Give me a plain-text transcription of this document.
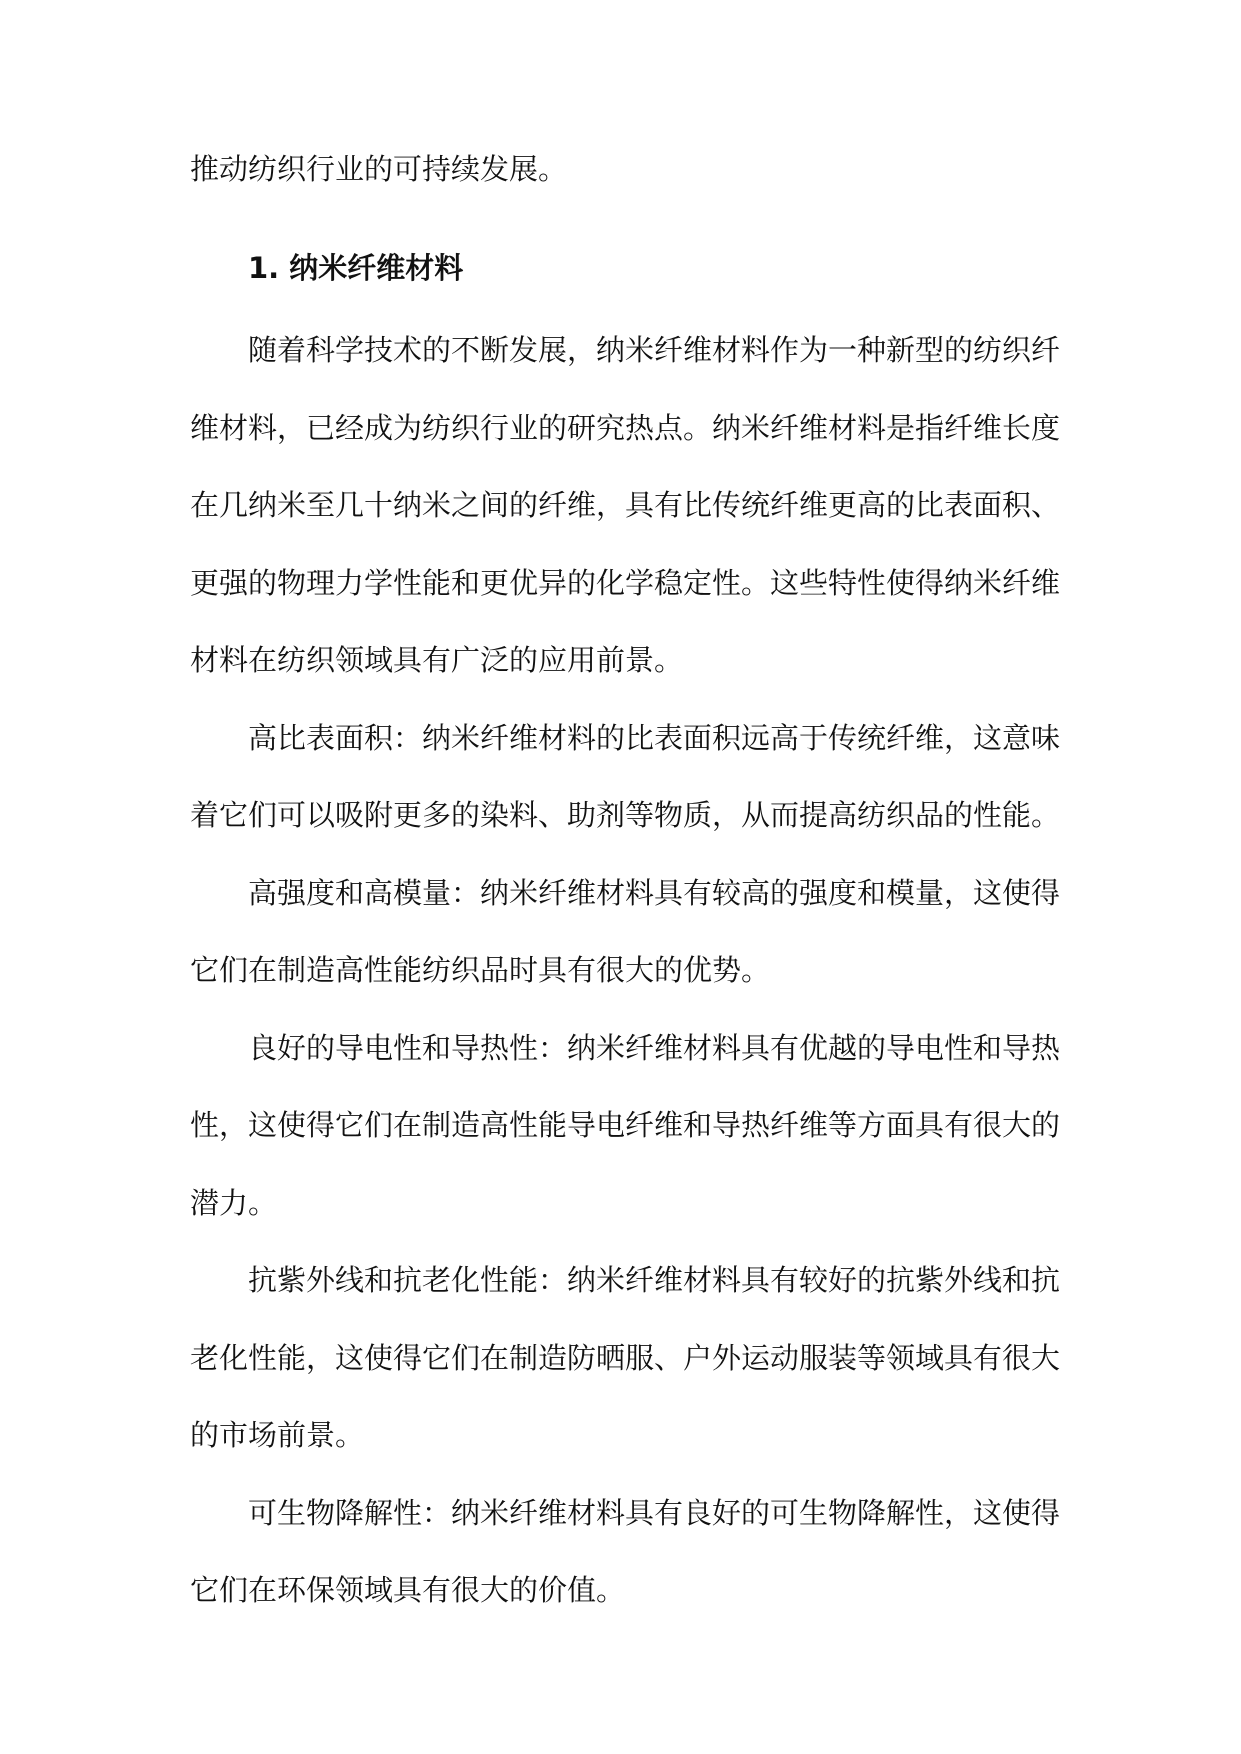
推动纺织行业的可持续发展。

1. 纳米纤维材料

随着科学技术的不断发展，纳米纤维材料作为一种新型的纺织纤

维材料，已经成为纺织行业的研究热点。纳米纤维材料是指纤维长度

在几纳米至几十纳米之间的纤维，具有比传统纤维更高的比表面积、

更强的物理力学性能和更优异的化学稳定性。这些特性使得纳米纤维

材料在纺织领域具有广泛的应用前景。

高比表面积：纳米纤维材料的比表面积远高于传统纤维，这意味

着它们可以吸附更多的染料、助剂等物质，从而提高纺织品的性能。

高强度和高模量：纳米纤维材料具有较高的强度和模量，这使得

它们在制造高性能纺织品时具有很大的优势。

良好的导电性和导热性：纳米纤维材料具有优越的导电性和导热

性，这使得它们在制造高性能导电纤维和导热纤维等方面具有很大的

潜力。

抗紫外线和抗老化性能：纳米纤维材料具有较好的抗紫外线和抗

老化性能，这使得它们在制造防晒服、户外运动服装等领域具有很大

的市场前景。

可生物降解性：纳米纤维材料具有良好的可生物降解性，这使得

它们在环保领域具有很大的价值。
